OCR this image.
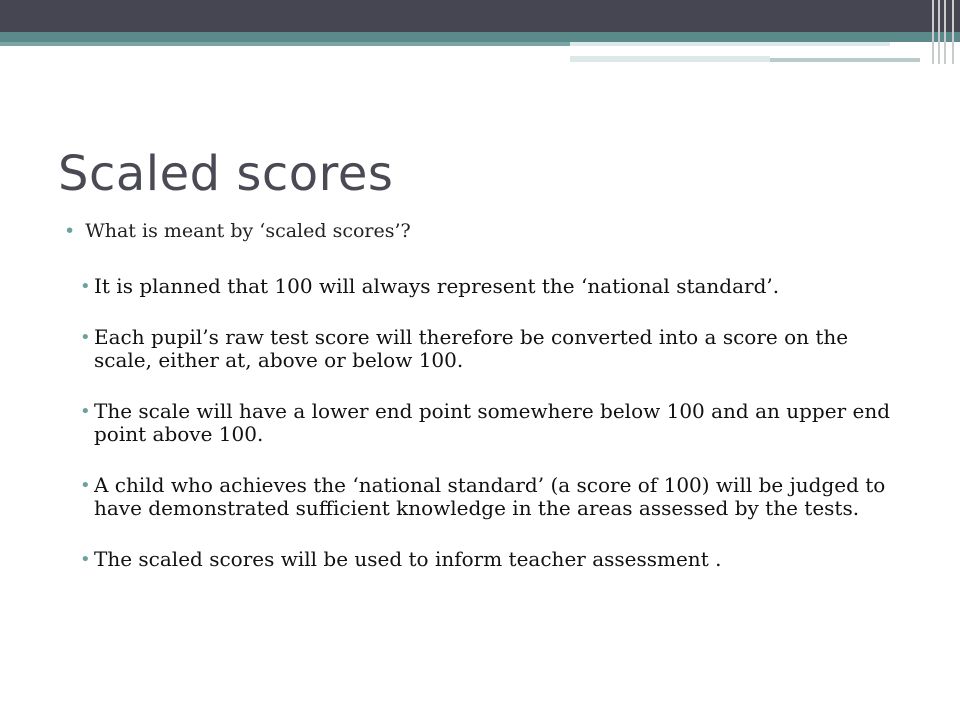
Scaled scores
• What is meant by ‘scaled scores’?
• It is planned that 100 will always represent the ‘national standard’.
• Each pupil’s raw test score will therefore be converted into a score on the scale, either at, above or below 100.
• The scale will have a lower end point somewhere below 100 and an upper end point above 100.
• A child who achieves the ‘national standard’ (a score of 100) will be judged to have demonstrated sufficient knowledge in the areas assessed by the tests.
• The scaled scores will be used to inform teacher assessment .
